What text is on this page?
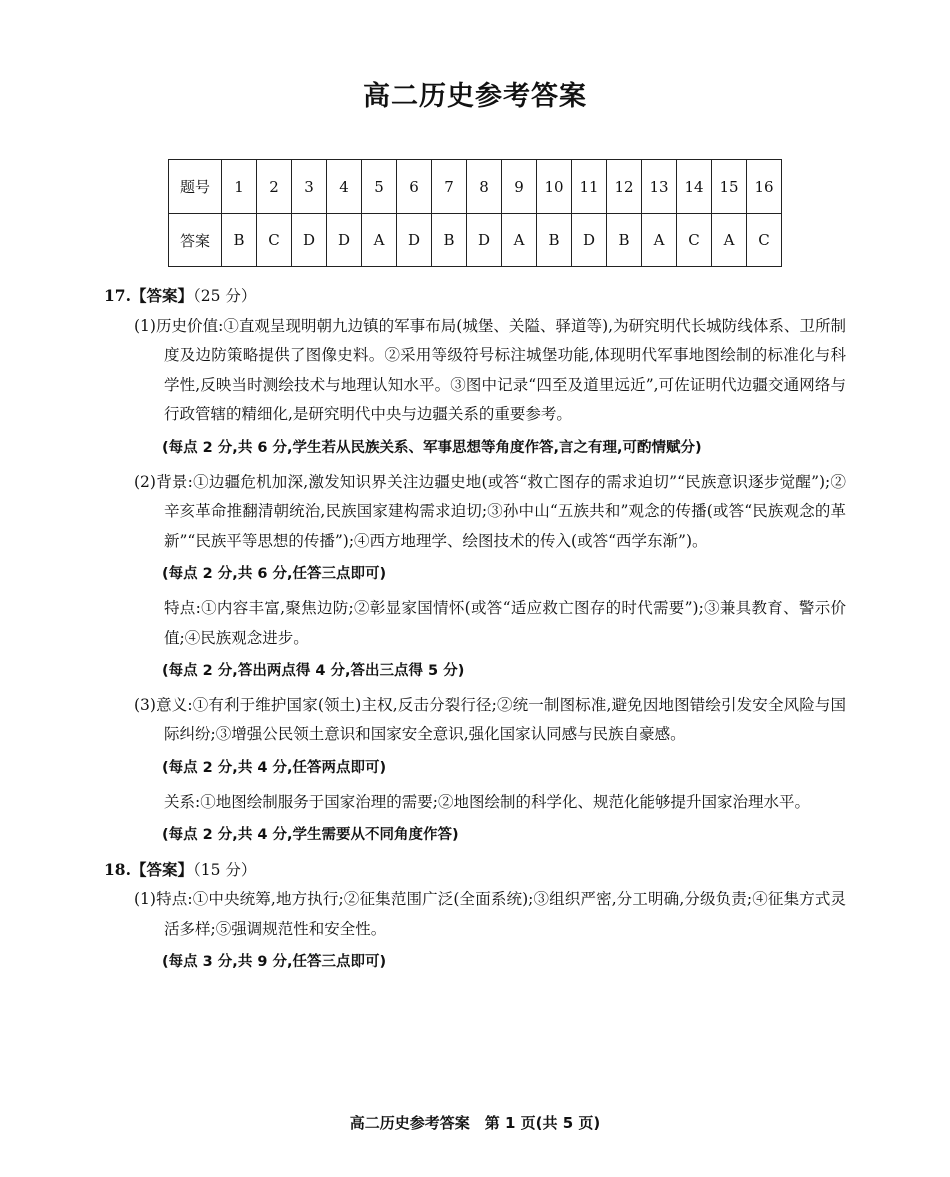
高二历史参考答案
题号	1	2	3	4	5	6	7	8	9	10	11	12	13	14	15	16
答案	B	C	D	D	A	D	B	D	A	B	D	B	A	C	A	C

17.【答案】（25 分）

(1)历史价值:①直观呈现明朝九边镇的军事布局(城堡、关隘、驿道等),为研究明代长城防线体系、卫所制度及边防策略提供了图像史料。②采用等级符号标注城堡功能,体现明代军事地图绘制的标准化与科学性,反映当时测绘技术与地理认知水平。③图中记录“四至及道里远近”,可佐证明代边疆交通网络与行政管辖的精细化,是研究明代中央与边疆关系的重要参考。

(每点 2 分,共 6 分,学生若从民族关系、军事思想等角度作答,言之有理,可酌情赋分)

(2)背景:①边疆危机加深,激发知识界关注边疆史地(或答“救亡图存的需求迫切”“民族意识逐步觉醒”);②辛亥革命推翻清朝统治,民族国家建构需求迫切;③孙中山“五族共和”观念的传播(或答“民族观念的革新”“民族平等思想的传播”);④西方地理学、绘图技术的传入(或答“西学东渐”)。

(每点 2 分,共 6 分,任答三点即可)

特点:①内容丰富,聚焦边防;②彰显家国情怀(或答“适应救亡图存的时代需要”);③兼具教育、警示价值;④民族观念进步。

(每点 2 分,答出两点得 4 分,答出三点得 5 分)

(3)意义:①有利于维护国家(领土)主权,反击分裂行径;②统一制图标准,避免因地图错绘引发安全风险与国际纠纷;③增强公民领土意识和国家安全意识,强化国家认同感与民族自豪感。

(每点 2 分,共 4 分,任答两点即可)

关系:①地图绘制服务于国家治理的需要;②地图绘制的科学化、规范化能够提升国家治理水平。

(每点 2 分,共 4 分,学生需要从不同角度作答)

18.【答案】（15 分）

(1)特点:①中央统筹,地方执行;②征集范围广泛(全面系统);③组织严密,分工明确,分级负责;④征集方式灵活多样;⑤强调规范性和安全性。

(每点 3 分,共 9 分,任答三点即可)

高二历史参考答案　第 1 页(共 5 页)
